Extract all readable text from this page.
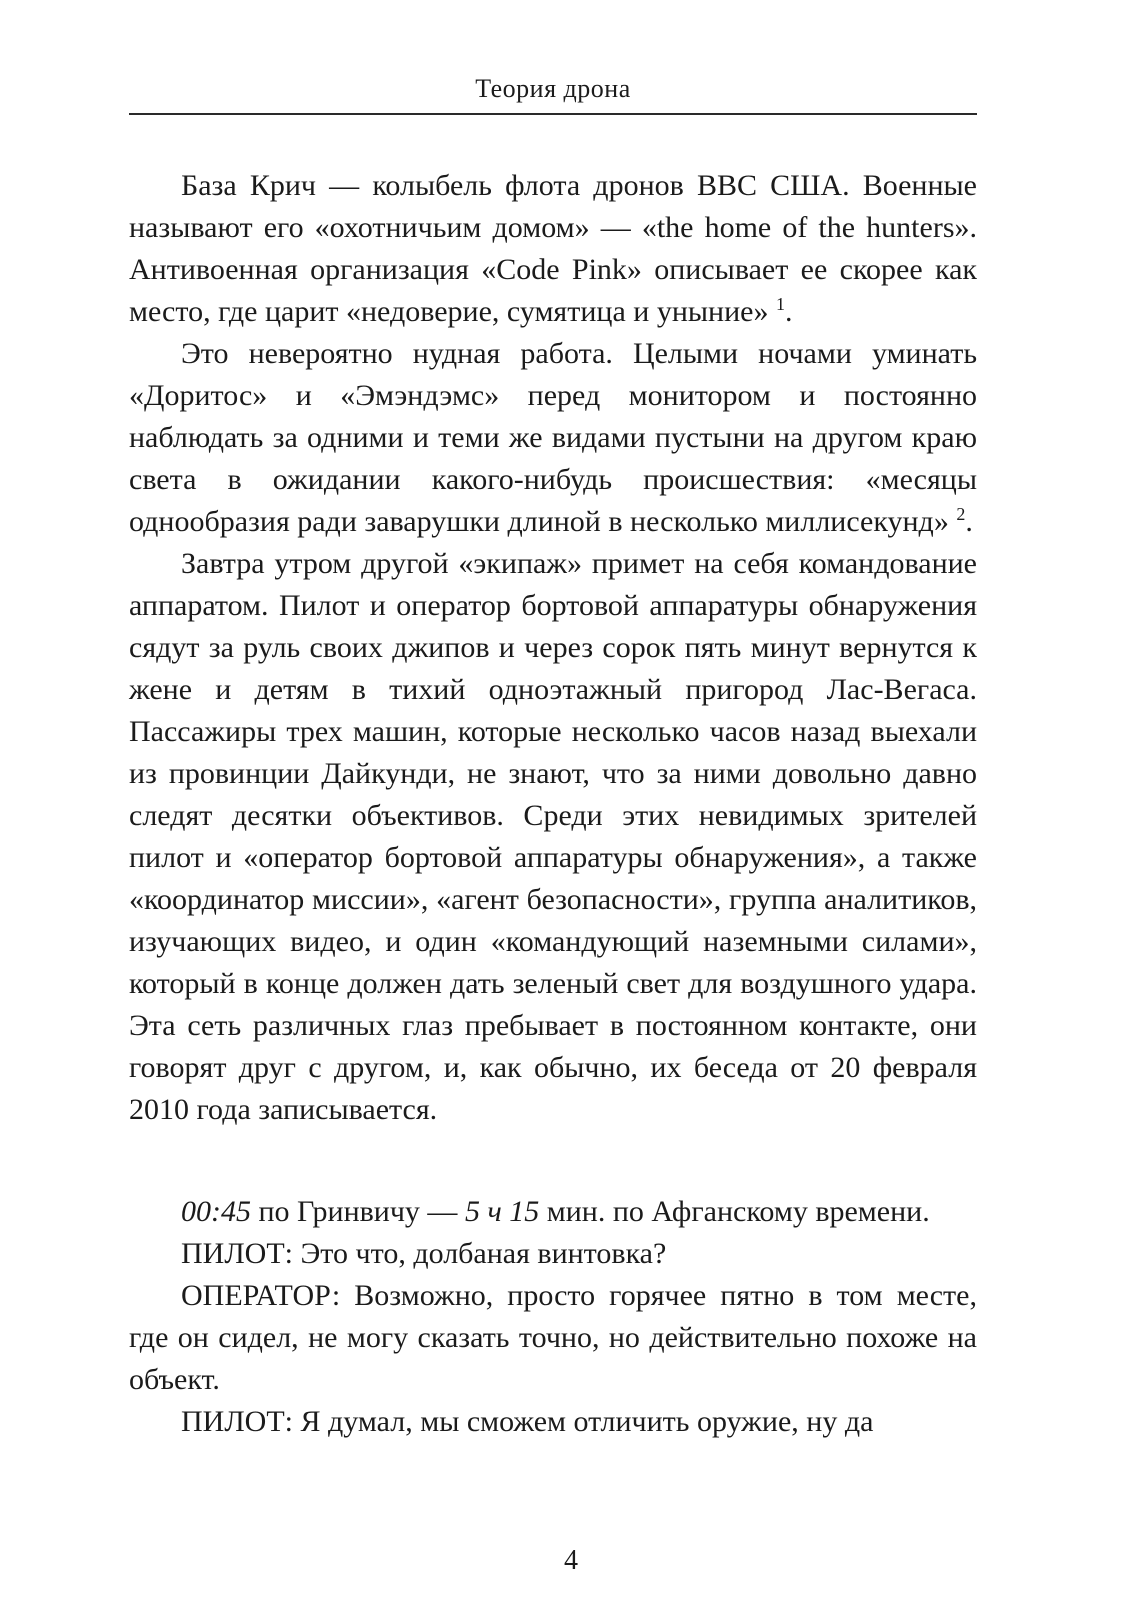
Теория дрона

База Крич — колыбель флота дронов ВВС США. Военные называют его «охотничьим домом» — «the home of the hunters». Антивоенная организация «Code Pink» описывает ее скорее как место, где царит «недоверие, сумятица и уныние» $^1$.

Это невероятно нудная работа. Целыми ночами уминать «Доритос» и «Эмэндэмс» перед монитором и постоянно наблюдать за одними и теми же видами пустыни на другом краю света в ожидании какого-нибудь происшествия: «месяцы однообразия ради заварушки длиной в несколько миллисекунд» $^2$.

Завтра утром другой «экипаж» примет на себя командование аппаратом. Пилот и оператор бортовой аппаратуры обнаружения сядут за руль своих джипов и через сорок пять минут вернутся к жене и детям в тихий одноэтажный пригород Лас-Вегаса. Пассажиры трех машин, которые несколько часов назад выехали из провинции Дайкунди, не знают, что за ними довольно давно следят десятки объективов. Среди этих невидимых зрителей пилот и «оператор бортовой аппаратуры обнаружения», а также «координатор миссии», «агент безопасности», группа аналитиков, изучающих видео, и один «командующий наземными силами», который в конце должен дать зеленый свет для воздушного удара. Эта сеть различных глаз пребывает в постоянном контакте, они говорят друг с другом, и, как обычно, их беседа от 20 февраля 2010 года записывается.

00:45 по Гринвичу — 5 ч 15 мин. по Афганскому времени.

ПИЛОТ: Это что, долбаная винтовка?

ОПЕРАТОР: Возможно, просто горячее пятно в том месте, где он сидел, не могу сказать точно, но действительно похоже на объект.

ПИЛОТ: Я думал, мы сможем отличить оружие, ну да

4
